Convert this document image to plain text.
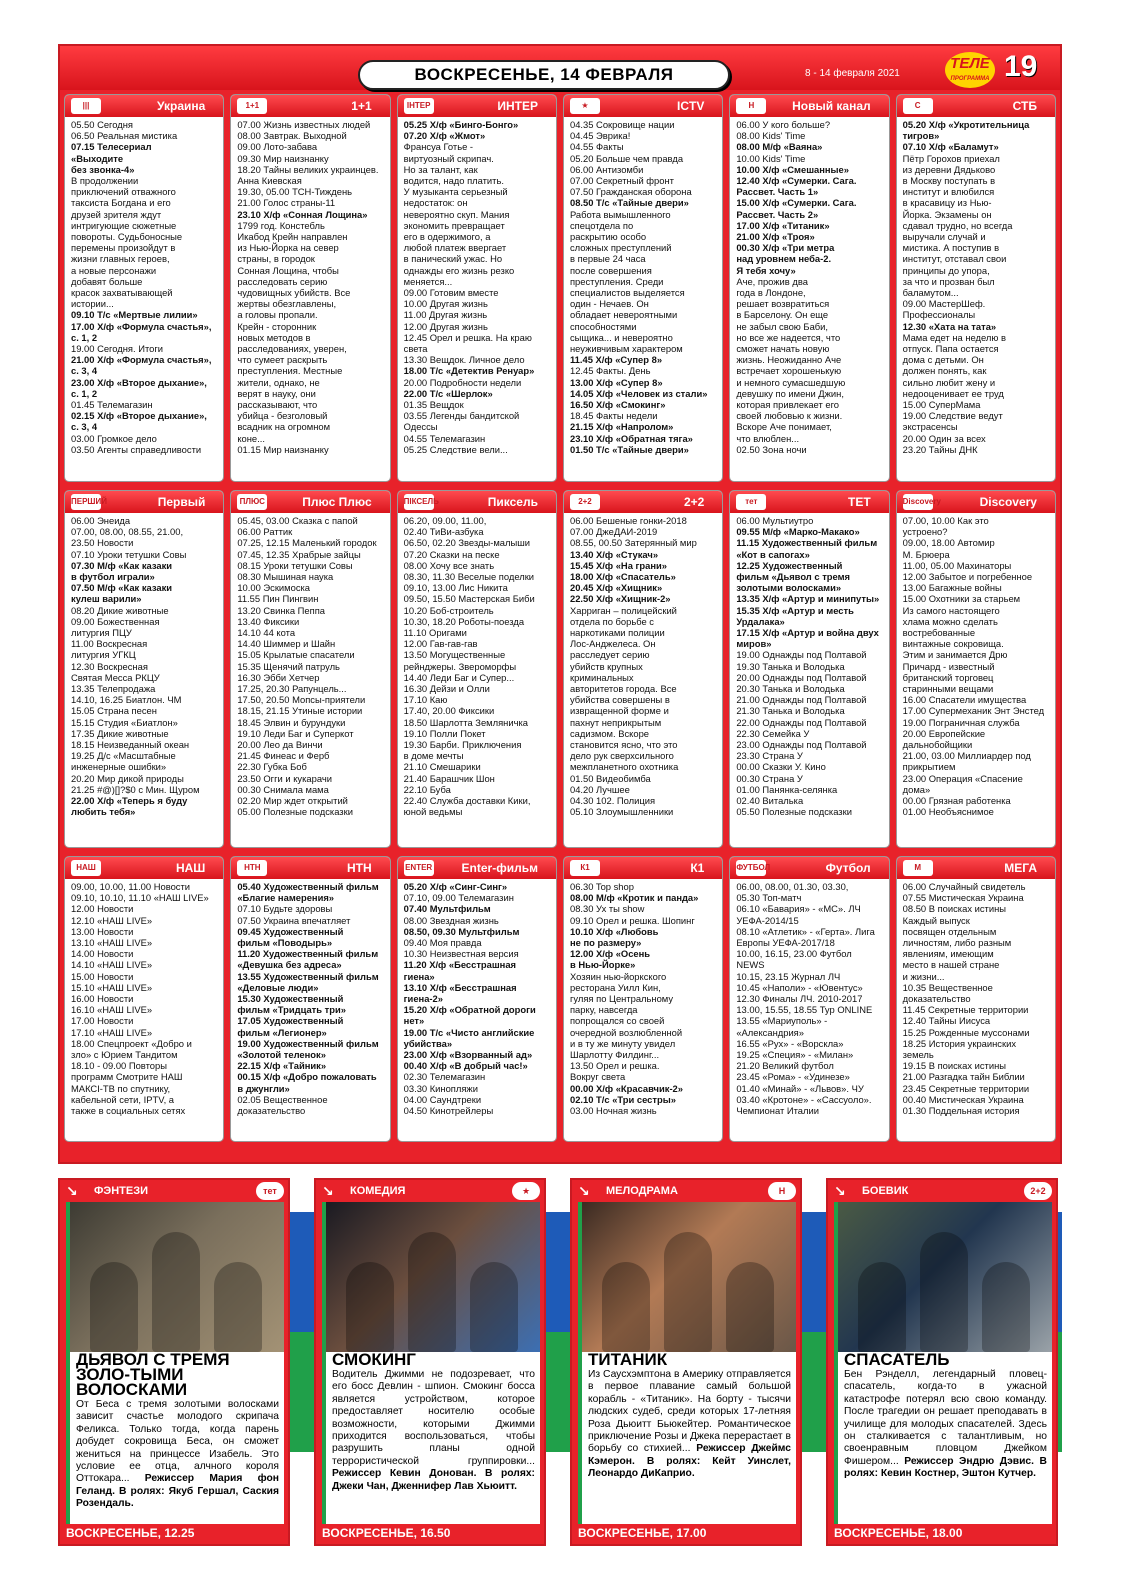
ВОСКРЕСЕНЬЕ, 14 ФЕВРАЛЯ	8 - 14 февраля 2021
ТЕЛЕ
ПРОГРАММА 19
|||	Украина
05.50 Сегодня
06.50 Реальная мистика
07.15 Телесериал
«Выходите
без звонка-4»
В продолжении
приключений отважного
таксиста Богдана и его
друзей зрителя ждут
интригующие сюжетные
повороты. Судьбоносные
перемены произойдут в
жизни главных героев,
а новые персонажи
добавят больше
красок захватывающей
истории...
09.10 Т/с «Мертвые лилии»
17.00 Х/ф «Формула счастья»,
с. 1, 2
19.00 Сегодня. Итоги
21.00 Х/ф «Формула счастья»,
с. 3, 4
23.00 Х/ф «Второе дыхание»,
с. 1, 2
01.45 Телемагазин
02.15 Х/ф «Второе дыхание»,
с. 3, 4
03.00 Громкое дело
03.50 Агенты справедливости
1+1	1+1
07.00 Жизнь известных людей
08.00 Завтрак. Выходной
09.00 Лото-забава
09.30 Мир наизнанку
18.20 Тайны великих украинцев.
Анна Киевская
19.30, 05.00 ТСН-Тиждень
21.00 Голос страны-11
23.10 Х/ф «Сонная Лощина»
1799 год. Констебль
Икабод Крейн направлен
из Нью-Йорка на север
страны, в городок
Сонная Лощина, чтобы
расследовать серию
чудовищных убийств. Все
жертвы обезглавлены,
а головы пропали.
Крейн - сторонник
новых методов в
расследованиях, уверен,
что сумеет раскрыть
преступления. Местные
жители, однако, не
верят в науку, они
рассказывают, что
убийца - безголовый
всадник на огромном
коне...
01.15 Мир наизнанку
ІНТЕР	ИНТЕР
05.25 Х/ф «Бинго-Бонго»
07.20 Х/ф «Жмот»
Франсуа Готье -
виртуозный скрипач.
Но за талант, как
водится, надо платить.
У музыканта серьезный
недостаток: он
невероятно скуп. Мания
экономить превращает
его в одержимого, а
любой платеж ввергает
в панический ужас. Но
однажды его жизнь резко
меняется...
09.00 Готовим вместе
10.00 Другая жизнь
11.00 Другая жизнь
12.00 Другая жизнь
12.45 Орел и решка. На краю
света
13.30 Вещдок. Личное дело
18.00 Т/с «Детектив Ренуар»
20.00 Подробности недели
22.00 Т/с «Шерлок»
01.35 Вещдок
03.55 Легенды бандитской
Одессы
04.55 Телемагазин
05.25 Следствие вели...
★	ICTV
04.35 Сокровище нации
04.45 Эврика!
04.55 Факты
05.20 Больше чем правда
06.00 Антизомби
07.00 Секретный фронт
07.50 Гражданская оборона
08.50 Т/с «Тайные двери»
Работа вымышленного
спецотдела по
раскрытию особо
сложных преступлений
в первые 24 часа
после совершения
преступления. Среди
специалистов выделяется
один - Нечаев. Он
обладает невероятными
способностями
сыщика... и невероятно
неуживчивым характером
11.45 Х/ф «Супер 8»
12.45 Факты. День
13.00 Х/ф «Супер 8»
14.05 Х/ф «Человек из стали»
16.50 Х/ф «Смокинг»
18.45 Факты недели
21.15 Х/ф «Напролом»
23.10 Х/ф «Обратная тяга»
01.50 Т/с «Тайные двери»
Н	Новый канал
06.00 У кого больше?
08.00 Kids' Time
08.00 М/ф «Ваяна»
10.00 Kids' Time
10.00 Х/ф «Смешанные»
12.40 Х/ф «Сумерки. Сага.
Рассвет. Часть 1»
15.00 Х/ф «Сумерки. Сага.
Рассвет. Часть 2»
17.00 Х/ф «Титаник»
21.00 Х/ф «Троя»
00.30 Х/ф «Три метра
над уровнем неба-2.
Я тебя хочу»
Аче, прожив два
года в Лондоне,
решает возвратиться
в Барселону. Он еще
не забыл свою Баби,
но все же надеется, что
сможет начать новую
жизнь. Неожиданно Аче
встречает хорошенькую
и немного сумасшедшую
девушку по имени Джин,
которая привлекает его
своей любовью к жизни.
Вскоре Аче понимает,
что влюблен...
02.50 Зона ночи
C	СТБ
05.20 Х/ф «Укротительница
тигров»
07.10 Х/ф «Баламут»
Пётр Горохов приехал
из деревни Дядьково
в Москву поступать в
институт и влюбился
в красавицу из Нью-
Йорка. Экзамены он
сдавал трудно, но всегда
выручали случай и
мистика. А поступив в
институт, отставал свои
принципы до упора,
за что и прозван был
баламутом...
09.00 МастерШеф.
Профессионалы
12.30 «Хата на тата»
Мама едет на неделю в
отпуск. Папа остается
дома с детьми. Он
должен понять, как
сильно любит жену и
недооценивает ее труд
15.00 СуперМама
19.00 Следствие ведут
экстрасенсы
20.00 Один за всех
23.20 Тайны ДНК
ПЕРШИЙ	Первый
06.00 Энеида
07.00, 08.00, 08.55, 21.00,
23.50 Новости
07.10 Уроки тетушки Совы
07.30 М/ф «Как казаки
в футбол играли»
07.50 М/ф «Как казаки
кулеш варили»
08.20 Дикие животные
09.00 Божественная
литургия ПЦУ
11.00 Воскресная
литургия УГКЦ
12.30 Воскресная
Святая Месса РКЦУ
13.35 Телепродажа
14.10, 16.25 Биатлон. ЧМ
15.05 Страна песен
15.15 Студия «Биатлон»
17.35 Дикие животные
18.15 Неизведанный океан
19.25 Д/с «Масштабные
инженерные ошибки»
20.20 Мир дикой природы
21.25 #@)[]?$0 с Мин. Щуром
22.00 Х/ф «Теперь я буду
любить тебя»
ПЛЮС	Плюс Плюс
05.45, 03.00 Сказка с папой
06.00 Раттик
07.25, 12.15 Маленький городок
07.45, 12.35 Храбрые зайцы
08.15 Уроки тетушки Совы
08.30 Мышиная наука
10.00 Эскимоска
11.55 Пин Пингвин
13.20 Свинка Пеппа
13.40 Фиксики
14.10 44 кота
14.40 Шиммер и Шайн
15.05 Крылатые спасатели
15.35 Щенячий патруль
16.30 Эбби Хетчер
17.25, 20.30 Рапунцель...
17.50, 20.50 Мопсы-приятели
18.15, 21.15 Утиные истории
18.45 Элвин и бурундуки
19.10 Леди Баг и Суперкот
20.00 Лео да Винчи
21.45 Финеас и Ферб
22.30 Губка Боб
23.50 Огги и кукарачи
00.30 Снимала мама
02.20 Мир ждет открытий
05.00 Полезные подсказки
ПІКСЕЛЬ	Пиксель
06.20, 09.00, 11.00,
02.40 ТиВи-азбука
06.50, 02.20 Звезды-малыши
07.20 Сказки на песке
08.00 Хочу все знать
08.30, 11.30 Веселые поделки
09.10, 13.00 Лис Никита
09.50, 15.50 Мастерская Биби
10.20 Боб-строитель
10.30, 18.20 Роботы-поезда
11.10 Оригами
12.00 Гав-гав-гав
13.50 Могущественные
рейнджеры. Звероморфы
14.40 Леди Баг и Супер...
16.30 Дейзи и Олли
17.10 Каю
17.40, 20.00 Фиксики
18.50 Шарлотта Земляничка
19.10 Полли Покет
19.30 Барби. Приключения
в доме мечты
21.10 Смешарики
21.40 Барашчик Шон
22.10 Буба
22.40 Служба доставки Кики,
юной ведьмы
2+2	2+2
06.00 Бешеные гонки-2018
07.00 ДжеДАИ-2019
08.55, 00.50 Затерянный мир
13.40 Х/ф «Стукач»
15.45 Х/ф «На грани»
18.00 Х/ф «Спасатель»
20.45 Х/ф «Хищник»
22.50 Х/ф «Хищник-2»
Харриган – полицейский
отдела по борьбе с
наркотиками полиции
Лос-Анджелеса. Он
расследует серию
убийств крупных
криминальных
авторитетов города. Все
убийства совершены в
извращенной форме и
пахнут неприкрытым
садизмом. Вскоре
становится ясно, что это
дело рук сверхсильного
межпланетного охотника
01.50 Видеобимба
04.20 Лучшее
04.30 102. Полиция
05.10 Злоумышленники
тет	ТЕТ
06.00 Мультиутро
09.55 М/ф «Марко-Макако»
11.15 Художественный фильм
«Кот в сапогах»
12.25 Художественный
фильм «Дьявол с тремя
золотыми волосками»
13.35 Х/ф «Артур и минипуты»
15.35 Х/ф «Артур и месть
Урдалака»
17.15 Х/ф «Артур и война двух
миров»
19.00 Однажды под Полтавой
19.30 Танька и Володька
20.00 Однажды под Полтавой
20.30 Танька и Володька
21.00 Однажды под Полтавой
21.30 Танька и Володька
22.00 Однажды под Полтавой
22.30 Семейка У
23.00 Однажды под Полтавой
23.30 Страна У
00.00 Сказки У. Кино
00.30 Страна У
01.00 Панянка-селянка
02.40 Виталька
05.50 Полезные подсказки
Discovery	Discovery
07.00, 10.00 Как это
устроено?
09.00, 18.00 Автомир
М. Брюера
11.00, 05.00 Махинаторы
12.00 Забытое и погребенное
13.00 Багажные войны
15.00 Охотники за старьем
Из самого настоящего
хлама можно сделать
востребованные
винтажные сокровища.
Этим и занимается Дрю
Причард - известный
британский торговец
старинными вещами
16.00 Спасатели имущества
17.00 Супермеханик Энт Энстед
19.00 Пограничная служба
20.00 Европейские
дальнобойщики
21.00, 03.00 Миллиардер под
прикрытием
23.00 Операция «Спасение
дома»
00.00 Грязная работенка
01.00 Необъяснимое
НАШ	НАШ
09.00, 10.00, 11.00 Новости
09.10, 10.10, 11.10 «НАШ LIVE»
12.00 Новости
12.10 «НАШ LIVE»
13.00 Новости
13.10 «НАШ LIVE»
14.00 Новости
14.10 «НАШ LIVE»
15.00 Новости
15.10 «НАШ LIVE»
16.00 Новости
16.10 «НАШ LIVE»
17.00 Новости
17.10 «НАШ LIVE»
18.00 Спецпроект «Добро и
зло» с Юрием Тандитом
18.10 - 09.00 Повторы
программ Смотрите НАШ
МАКСІ-ТВ по спутнику,
кабельной сети, IPTV, а
также в социальных сетях
НТН	НТН
05.40 Художественный фильм
«Благие намерения»
07.10 Будьте здоровы
07.50 Украина впечатляет
09.45 Художественный
фильм «Поводырь»
11.20 Художественный фильм
«Девушка без адреса»
13.55 Художественный фильм
«Деловые люди»
15.30 Художественный
фильм «Тридцать три»
17.05 Художественный
фильм «Легионер»
19.00 Художественный фильм
«Золотой теленок»
22.15 Х/ф «Тайник»
00.15 Х/ф «Добро пожаловать
в джунгли»
02.05 Вещественное
доказательство
ENTER Enter-фильм
05.20 Х/ф «Синг-Синг»
07.10, 09.00 Телемагазин
07.40 Мультфильм
08.00 Звездная жизнь
08.50, 09.30 Мультфильм
09.40 Моя правда
10.30 Неизвестная версия
11.20 Х/ф «Бесстрашная
гиена»
13.10 Х/ф «Бесстрашная
гиена-2»
15.20 Х/ф «Обратной дороги
нет»
19.00 Т/с «Чисто английские
убийства»
23.00 Х/ф «Взорванный ад»
00.40 Х/ф «В добрый час!»
02.30 Телемагазин
03.30 Кинопляжи
04.00 Саундтреки
04.50 Кинотрейлеры
К1	К1
06.30 Top shop
08.00 М/ф «Кротик и панда»
08.30 Ух ты show
09.10 Орел и решка. Шопинг
10.10 Х/ф «Любовь
не по размеру»
12.00 Х/ф «Осень
в Нью-Йорке»
Хозяин нью-йоркского
ресторана Уилл Кин,
гуляя по Центральному
парку, навсегда
попрощался со своей
очередной возлюбленной
и в ту же минуту увидел
Шарлотту Филдинг...
13.50 Орел и решка.
Вокруг света
00.00 Х/ф «Красавчик-2»
02.10 Т/с «Три сестры»
03.00 Ночная жизнь
ФУТБОЛ	Футбол
06.00, 08.00, 01.30, 03.30,
05.30 Топ-матч
06.10 «Бавария» - «МС». ЛЧ
УЕФА-2014/15
08.10 «Атлетик» - «Герта». Лига
Европы УЕФА-2017/18
10.00, 16.15, 23.00 Футбол
NEWS
10.15, 23.15 Журнал ЛЧ
10.45 «Наполи» - «Ювентус»
12.30 Финалы ЛЧ. 2010-2017
13.00, 15.55, 18.55 Тур ONLINE
13.55 «Мариуполь» -
«Александрия»
16.55 «Рух» - «Ворскла»
19.25 «Специя» - «Милан»
21.20 Великий футбол
23.45 «Рома» - «Удинезе»
01.40 «Минай» - «Львов». ЧУ
03.40 «Кротоне» - «Сассуоло».
Чемпионат Италии
M	МЕГА
06.00 Случайный свидетель
07.55 Мистическая Украина
08.50 В поисках истины
Каждый выпуск
посвящен отдельным
личностям, либо разным
явлениям, имеющим
место в нашей стране
и жизни...
10.35 Вещественное
доказательство
11.45 Секретные территории
12.40 Тайны Иисуса
15.25 Рожденные муссонами
18.25 История украинских
земель
19.15 В поисках истины
21.00 Разгадка тайн Библии
23.45 Секретные территории
00.40 Мистическая Украина
01.30 Поддельная история
↘ ФЭНТЕЗИ	тет
ДЬЯВОЛ С ТРЕМЯ ЗОЛО-ТЫМИ ВОЛОСКАМИ
От Беса с тремя золотыми волосками зависит счастье молодого скрипача Феликса. Только тогда, когда парень добудет сокровища Беса, он сможет жениться на принцессе Изабель. Это условие ее отца, алчного короля Оттокара... Режиссер Мария фон Геланд. В ролях: Якуб Гершал, Саския Розендаль.
ВОСКРЕСЕНЬЕ, 12.25
↘ КОМЕДИЯ	★
СМОКИНГ
Водитель Джимми не подозревает, что его босс Девлин - шпион. Смокинг босса является устройством, которое предоставляет носителю особые возможности, которыми Джимми приходится воспользоваться, чтобы разрушить планы одной террористической группировки... Режиссер Кевин Донован. В ролях: Джеки Чан, Дженнифер Лав Хьюитт.
ВОСКРЕСЕНЬЕ, 16.50
↘ МЕЛОДРАМА	Н
ТИТАНИК
Из Саусхэмптона в Америку отправляется в первое плавание самый большой корабль - «Титаник». На борту - тысячи людских судеб, среди которых 17-летняя Роза Дьюитт Бьюкейтер. Романтическое приключение Розы и Джека перерастает в борьбу со стихией... Режиссер Джеймс Кэмерон. В ролях: Кейт Уинслет, Леонардо ДиКаприо.
ВОСКРЕСЕНЬЕ, 17.00
↘ БОЕВИК	2+2
СПАСАТЕЛЬ
Бен Рэнделл, легендарный пловец-спасатель, когда-то в ужасной катастрофе потерял всю свою команду. После трагедии он решает преподавать в училище для молодых спасателей. Здесь он сталкивается с талантливым, но своенравным пловцом Джейком Фишером... Режиссер Эндрю Дэвис. В ролях: Кевин Костнер, Эштон Кутчер.
ВОСКРЕСЕНЬЕ, 18.00
